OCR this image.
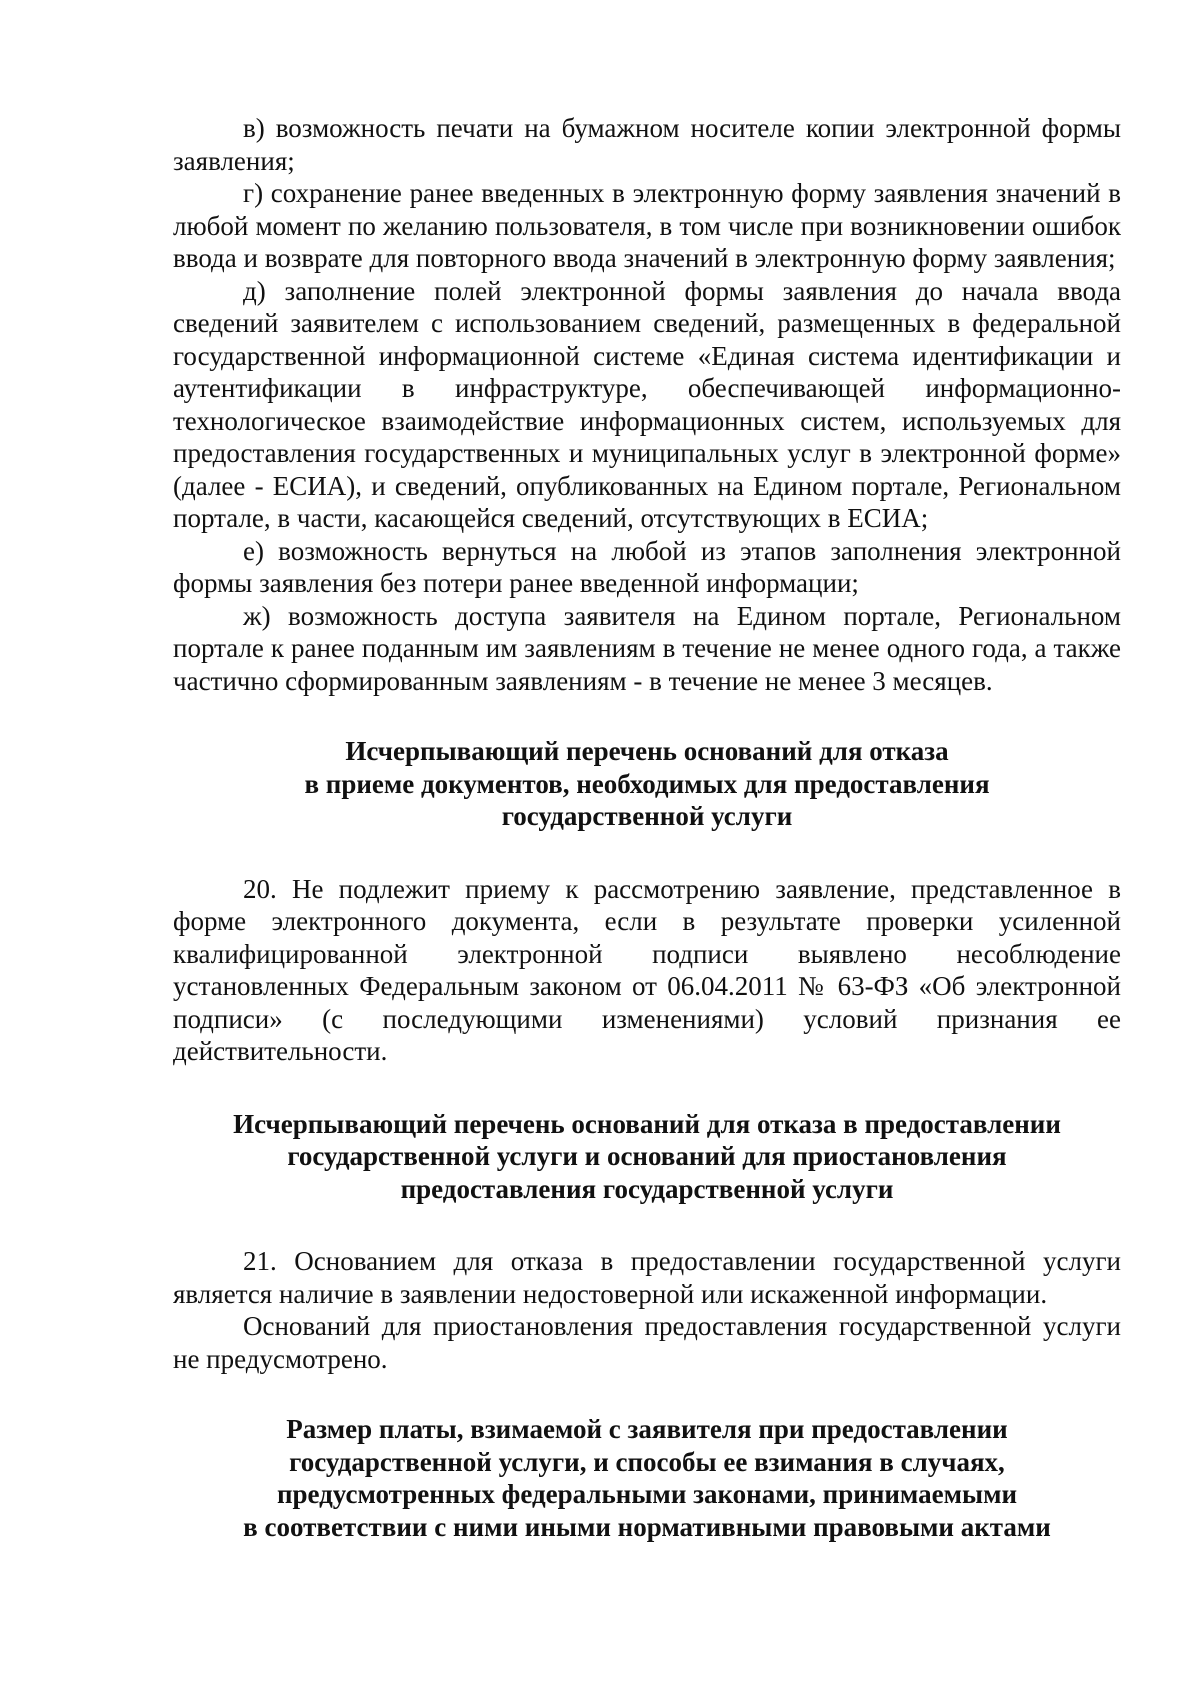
в) возможность печати на бумажном носителе копии электронной формы заявления;

г) сохранение ранее введенных в электронную форму заявления значений в любой момент по желанию пользователя, в том числе при возникновении ошибок ввода и возврате для повторного ввода значений в электронную форму заявления;

д) заполнение полей электронной формы заявления до начала ввода сведений заявителем с использованием сведений, размещенных в федеральной государственной информационной системе «Единая система идентификации и аутентификации в инфраструктуре, обеспечивающей информационно-технологическое взаимодействие информационных систем, используемых для предоставления государственных и муниципальных услуг в электронной форме» (далее - ЕСИА), и сведений, опубликованных на Едином портале, Региональном портале, в части, касающейся сведений, отсутствующих в ЕСИА;

е) возможность вернуться на любой из этапов заполнения электронной формы заявления без потери ранее введенной информации;

ж) возможность доступа заявителя на Едином портале, Региональном портале к ранее поданным им заявлениям в течение не менее одного года, а также частично сформированным заявлениям - в течение не менее 3 месяцев.

Исчерпывающий перечень оснований для отказа
в приеме документов, необходимых для предоставления
государственной услуги

20. Не подлежит приему к рассмотрению заявление, представленное в форме электронного документа, если в результате проверки усиленной квалифицированной электронной подписи выявлено несоблюдение установленных Федеральным законом от 06.04.2011 № 63-ФЗ «Об электронной подписи» (с последующими изменениями) условий признания ее действительности.

Исчерпывающий перечень оснований для отказа в предоставлении
государственной услуги и оснований для приостановления
предоставления государственной услуги

21. Основанием для отказа в предоставлении государственной услуги является наличие в заявлении недостоверной или искаженной информации.

Оснований для приостановления предоставления государственной услуги не предусмотрено.

Размер платы, взимаемой с заявителя при предоставлении
государственной услуги, и способы ее взимания в случаях,
предусмотренных федеральными законами, принимаемыми
в соответствии с ними иными нормативными правовыми актами
